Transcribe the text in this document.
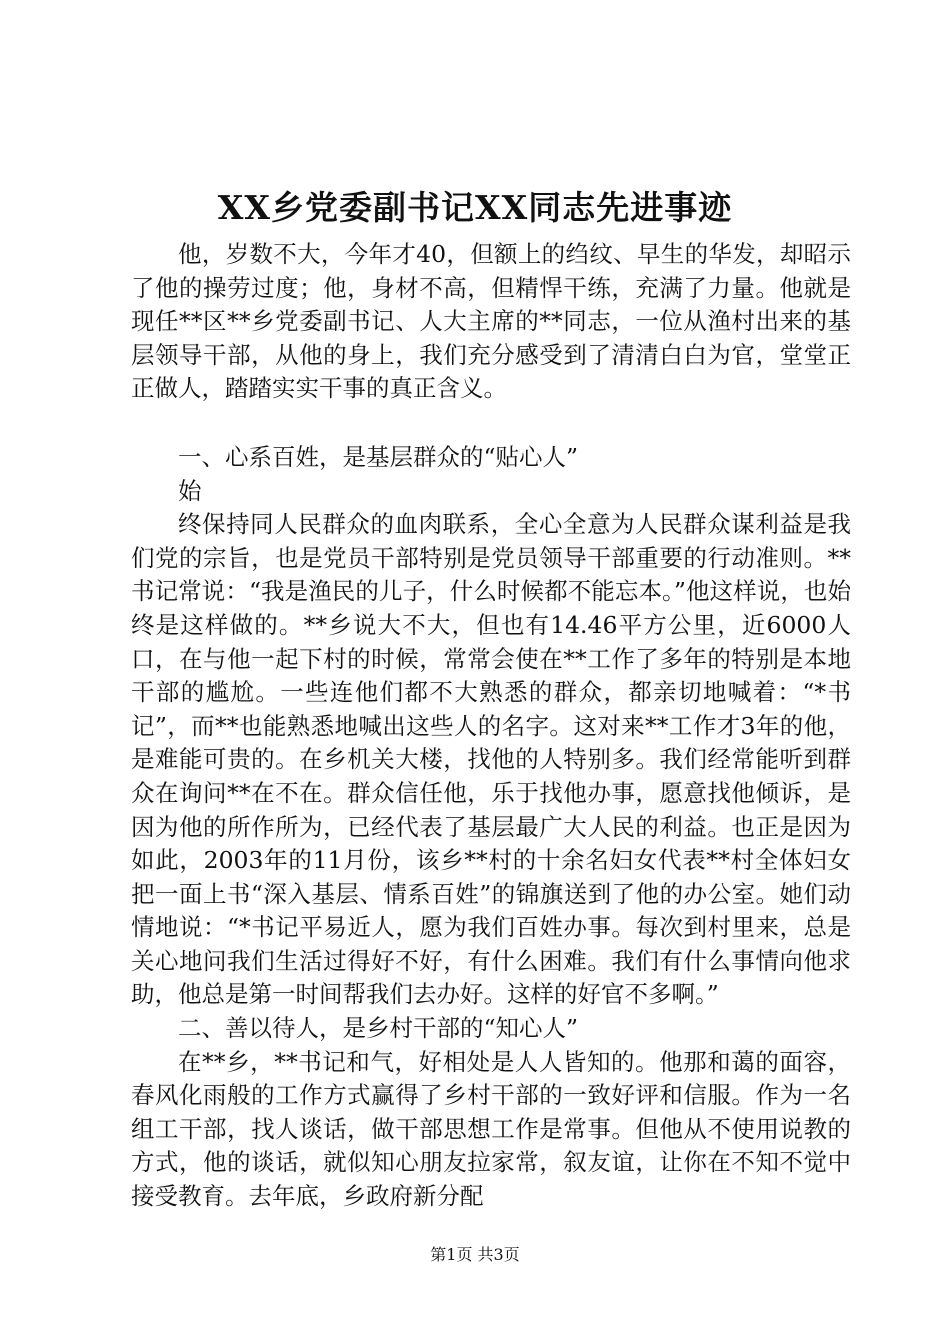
XX乡党委副书记XX同志先进事迹

他，岁数不大，今年才40，但额上的绉纹、早生的华发，却昭示了他的操劳过度；他，身材不高，但精悍干练，充满了力量。他就是现任**区**乡党委副书记、人大主席的**同志，一位从渔村出来的基层领导干部，从他的身上，我们充分感受到了清清白白为官，堂堂正正做人，踏踏实实干事的真正含义。

一、心系百姓，是基层群众的“贴心人”

始

终保持同人民群众的血肉联系，全心全意为人民群众谋利益是我们党的宗旨，也是党员干部特别是党员领导干部重要的行动准则。**书记常说：“我是渔民的儿子，什么时候都不能忘本。”他这样说，也始终是这样做的。**乡说大不大，但也有14.46平方公里，近6000人口，在与他一起下村的时候，常常会使在**工作了多年的特别是本地干部的尴尬。一些连他们都不大熟悉的群众，都亲切地喊着：“*书记”，而**也能熟悉地喊出这些人的名字。这对来**工作才3年的他，是难能可贵的。在乡机关大楼，找他的人特别多。我们经常能听到群众在询问**在不在。群众信任他，乐于找他办事，愿意找他倾诉，是因为他的所作所为，已经代表了基层最广大人民的利益。也正是因为如此，2003年的11月份，该乡**村的十余名妇女代表**村全体妇女把一面上书“深入基层、情系百姓”的锦旗送到了他的办公室。她们动情地说：“*书记平易近人，愿为我们百姓办事。每次到村里来，总是关心地问我们生活过得好不好，有什么困难。我们有什么事情向他求助，他总是第一时间帮我们去办好。这样的好官不多啊。”

二、善以待人，是乡村干部的“知心人”

在**乡，**书记和气，好相处是人人皆知的。他那和蔼的面容，春风化雨般的工作方式赢得了乡村干部的一致好评和信服。作为一名组工干部，找人谈话，做干部思想工作是常事。但他从不使用说教的方式，他的谈话，就似知心朋友拉家常，叙友谊，让你在不知不觉中接受教育。去年底，乡政府新分配

第1页 共3页
